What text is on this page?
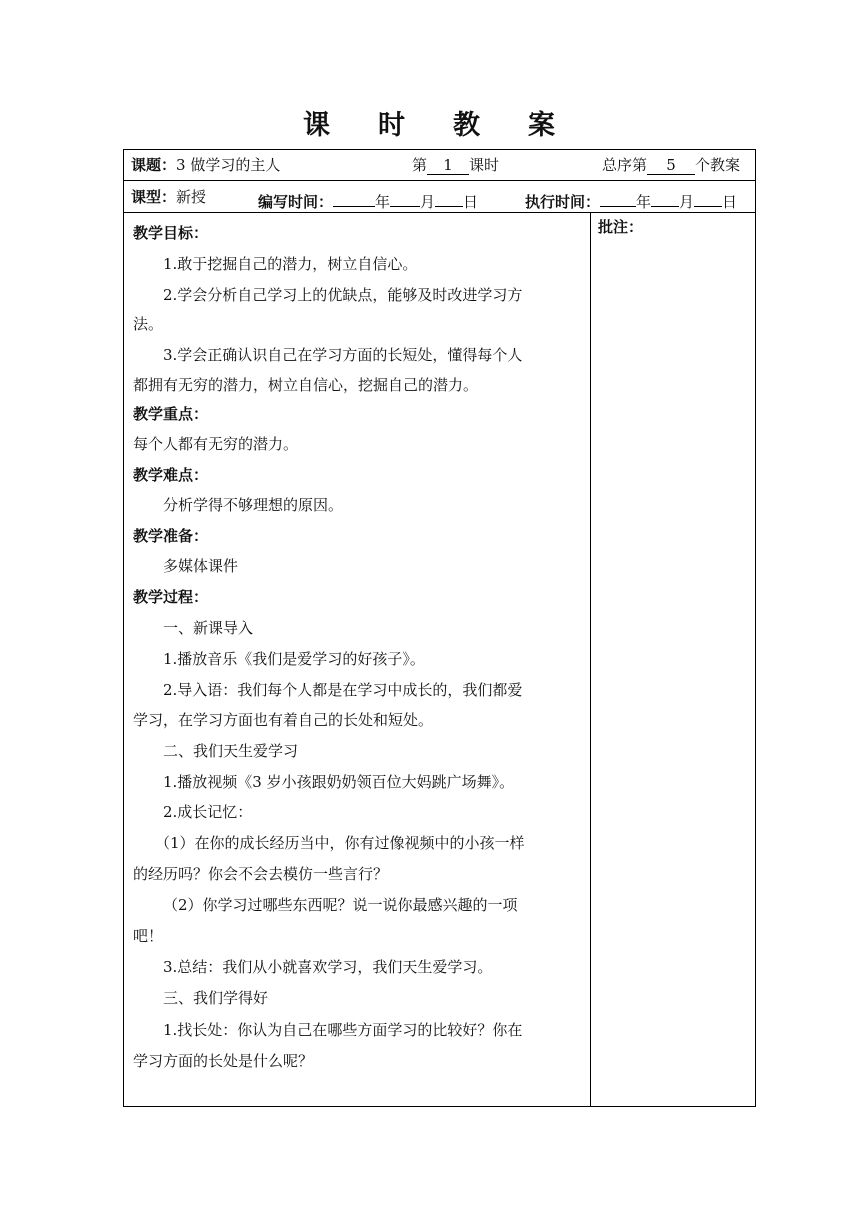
课 时 教 案
课题：3 做学习的主人	第 1 课时	总序第 5 个教案
课型：新授	编写时间：	年 月 日	执行时间： 年 月 日
批注：
教学目标：
1.敢于挖掘自己的潜力，树立自信心。
2.学会分析自己学习上的优缺点，能够及时改进学习方
法。
3.学会正确认识自己在学习方面的长短处，懂得每个人
都拥有无穷的潜力，树立自信心，挖掘自己的潜力。
教学重点：
每个人都有无穷的潜力。
教学难点：
分析学得不够理想的原因。
教学准备：
多媒体课件
教学过程：
一、新课导入
1.播放音乐《我们是爱学习的好孩子》。
2.导入语：我们每个人都是在学习中成长的，我们都爱
学习，在学习方面也有着自己的长处和短处。
二、我们天生爱学习
1.播放视频《3 岁小孩跟奶奶领百位大妈跳广场舞》。
2.成长记忆：
（1）在你的成长经历当中，你有过像视频中的小孩一样
的经历吗？你会不会去模仿一些言行？
（2）你学习过哪些东西呢？说一说你最感兴趣的一项
吧！
3.总结：我们从小就喜欢学习，我们天生爱学习。
三、我们学得好
1.找长处：你认为自己在哪些方面学习的比较好？你在
学习方面的长处是什么呢？
